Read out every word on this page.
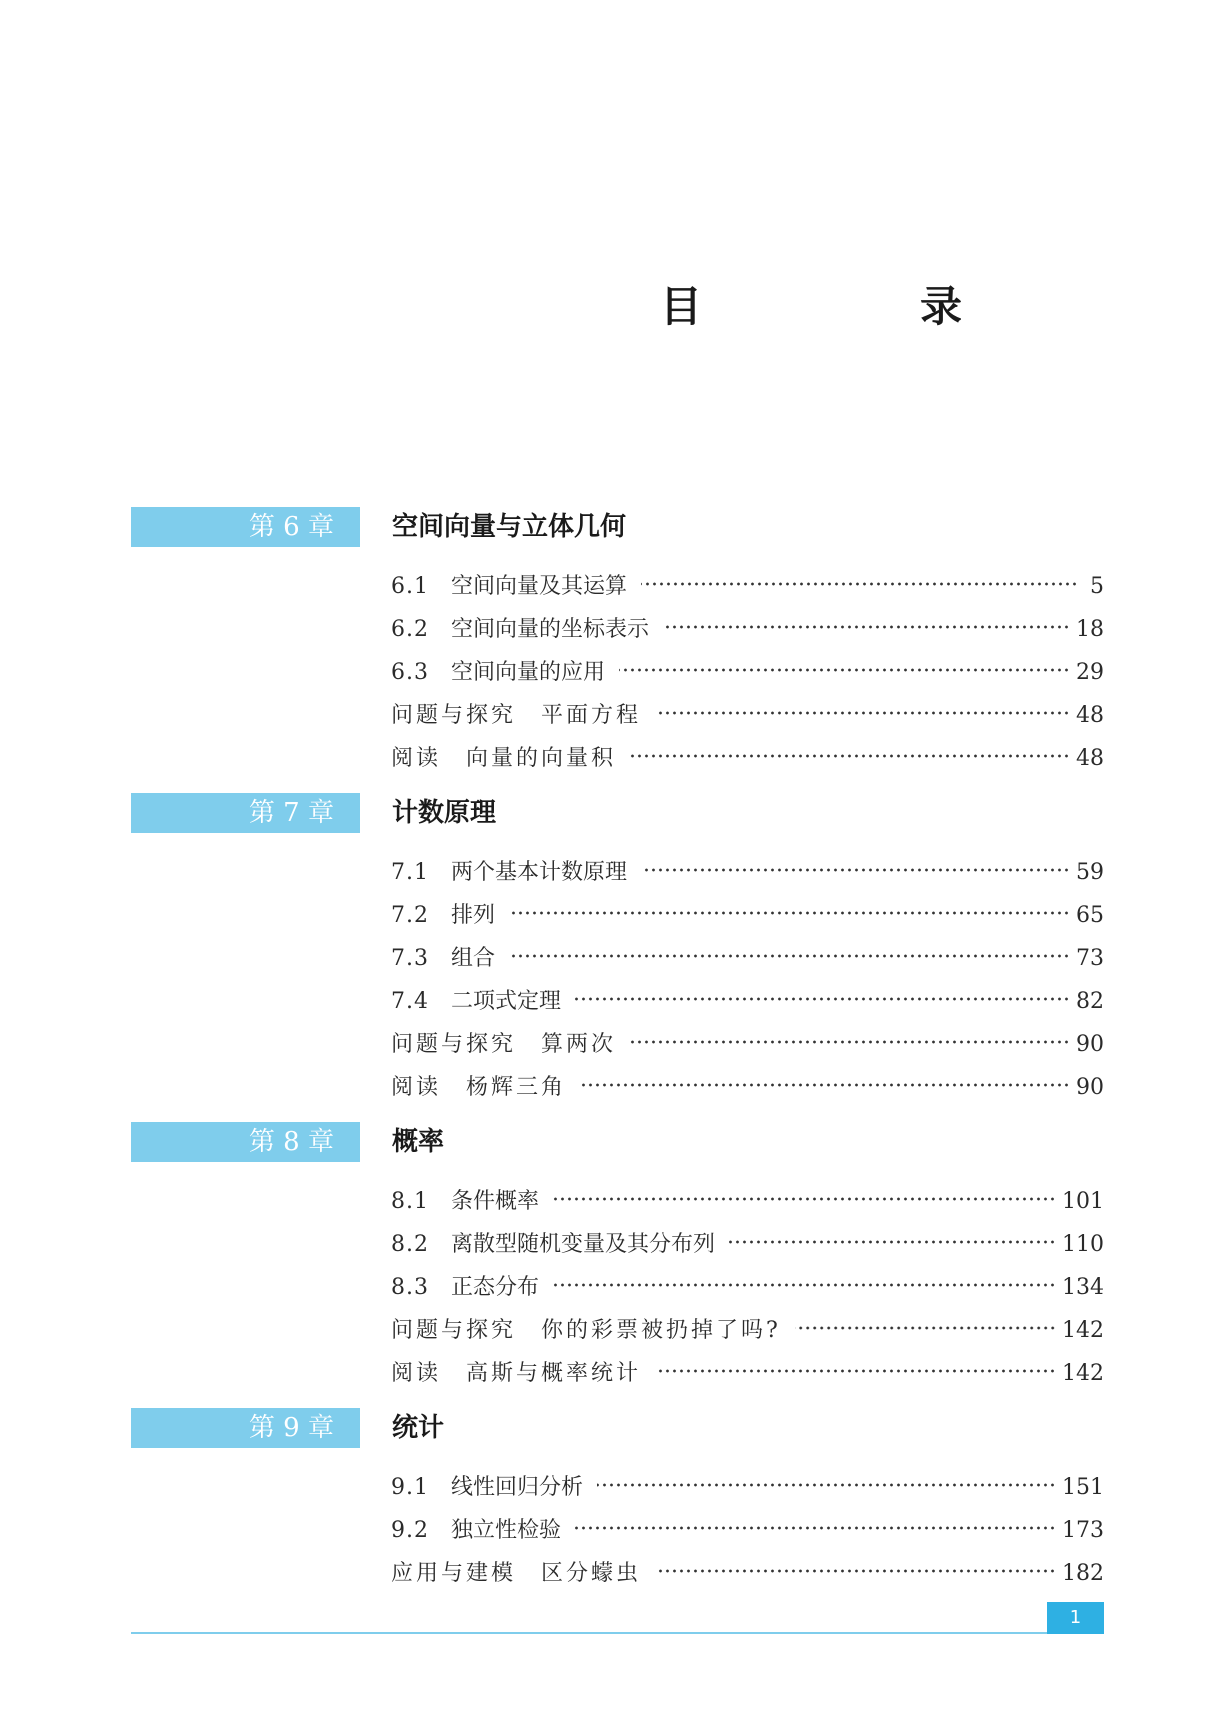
目　录
第 6 章	空间向量与立体几何
6.1	空间向量及其运算	5
6.2	空间向量的坐标表示	18
6.3	空间向量的应用	29
问题与探究　平面方程	48
阅读　向量的向量积	48
第 7 章	计数原理
7.1	两个基本计数原理	59
7.2	排列	65
7.3	组合	73
7.4	二项式定理	82
问题与探究　算两次	90
阅读　杨辉三角	90
第 8 章	概率
8.1	条件概率	101
8.2	离散型随机变量及其分布列	110
8.3	正态分布	134
问题与探究　你的彩票被扔掉了吗?	142
阅读　高斯与概率统计	142
第 9 章	统计
9.1	线性回归分析	151
9.2	独立性检验	173
应用与建模　区分蠓虫	182
1
